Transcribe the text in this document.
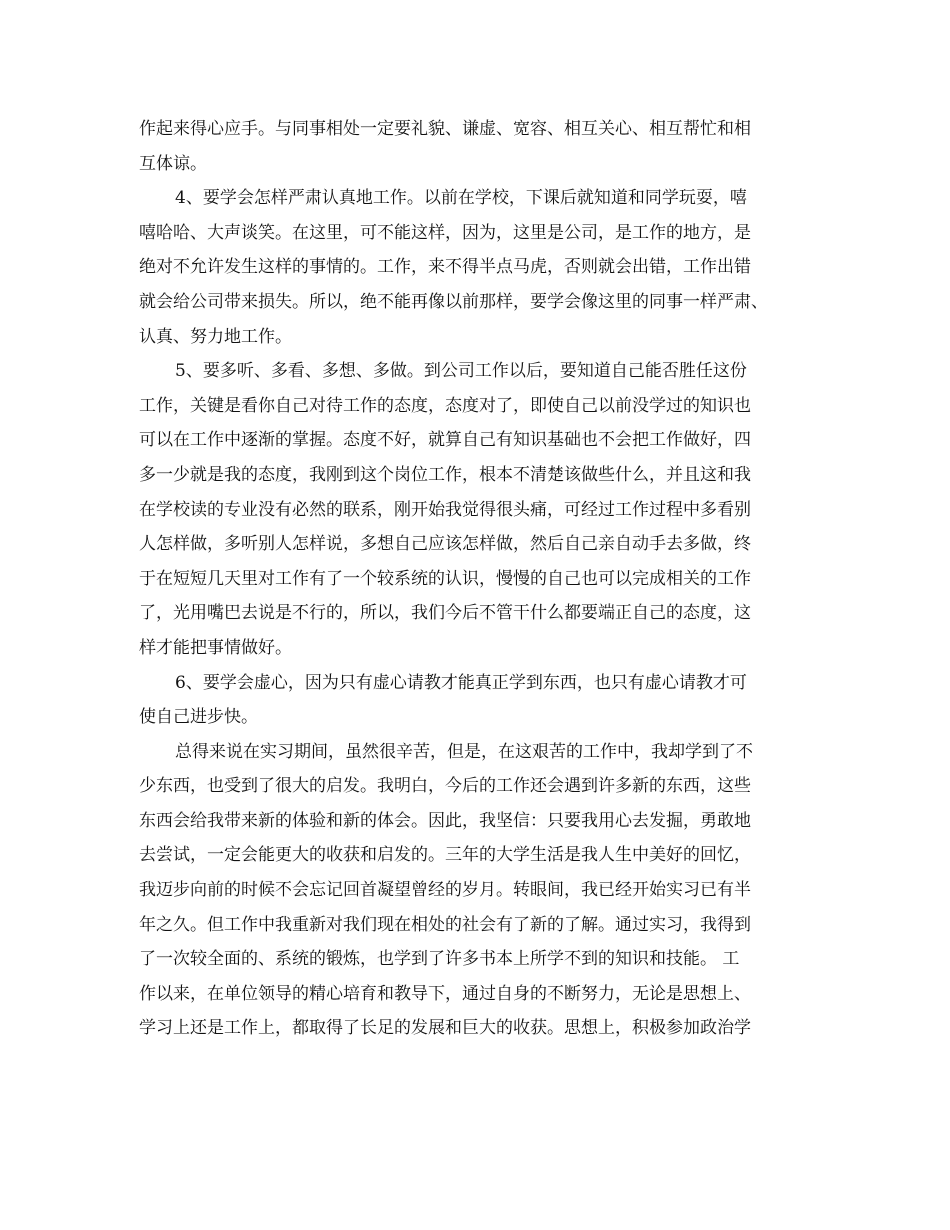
作起来得心应手。与同事相处一定要礼貌、谦虚、宽容、相互关心、相互帮忙和相
互体谅。
4、要学会怎样严肃认真地工作。以前在学校，下课后就知道和同学玩耍，嘻
嘻哈哈、大声谈笑。在这里，可不能这样，因为，这里是公司，是工作的地方，是
绝对不允许发生这样的事情的。工作，来不得半点马虎，否则就会出错，工作出错
就会给公司带来损失。所以，绝不能再像以前那样，要学会像这里的同事一样严肃、
认真、努力地工作。
5、要多听、多看、多想、多做。到公司工作以后，要知道自己能否胜任这份
工作，关键是看你自己对待工作的态度，态度对了，即使自己以前没学过的知识也
可以在工作中逐渐的掌握。态度不好，就算自己有知识基础也不会把工作做好，四
多一少就是我的态度，我刚到这个岗位工作，根本不清楚该做些什么，并且这和我
在学校读的专业没有必然的联系，刚开始我觉得很头痛，可经过工作过程中多看别
人怎样做，多听别人怎样说，多想自己应该怎样做，然后自己亲自动手去多做，终
于在短短几天里对工作有了一个较系统的认识，慢慢的自己也可以完成相关的工作
了，光用嘴巴去说是不行的，所以，我们今后不管干什么都要端正自己的态度，这
样才能把事情做好。
6、要学会虚心，因为只有虚心请教才能真正学到东西，也只有虚心请教才可
使自己进步快。
总得来说在实习期间，虽然很辛苦，但是，在这艰苦的工作中，我却学到了不
少东西，也受到了很大的启发。我明白，今后的工作还会遇到许多新的东西，这些
东西会给我带来新的体验和新的体会。因此，我坚信：只要我用心去发掘，勇敢地
去尝试，一定会能更大的收获和启发的。三年的大学生活是我人生中美好的回忆，
我迈步向前的时候不会忘记回首凝望曾经的岁月。转眼间，我已经开始实习已有半
年之久。但工作中我重新对我们现在相处的社会有了新的了解。通过实习，我得到
了一次较全面的、系统的锻炼，也学到了许多书本上所学不到的知识和技能。 工
作以来，在单位领导的精心培育和教导下，通过自身的不断努力，无论是思想上、
学习上还是工作上，都取得了长足的发展和巨大的收获。思想上，积极参加政治学
